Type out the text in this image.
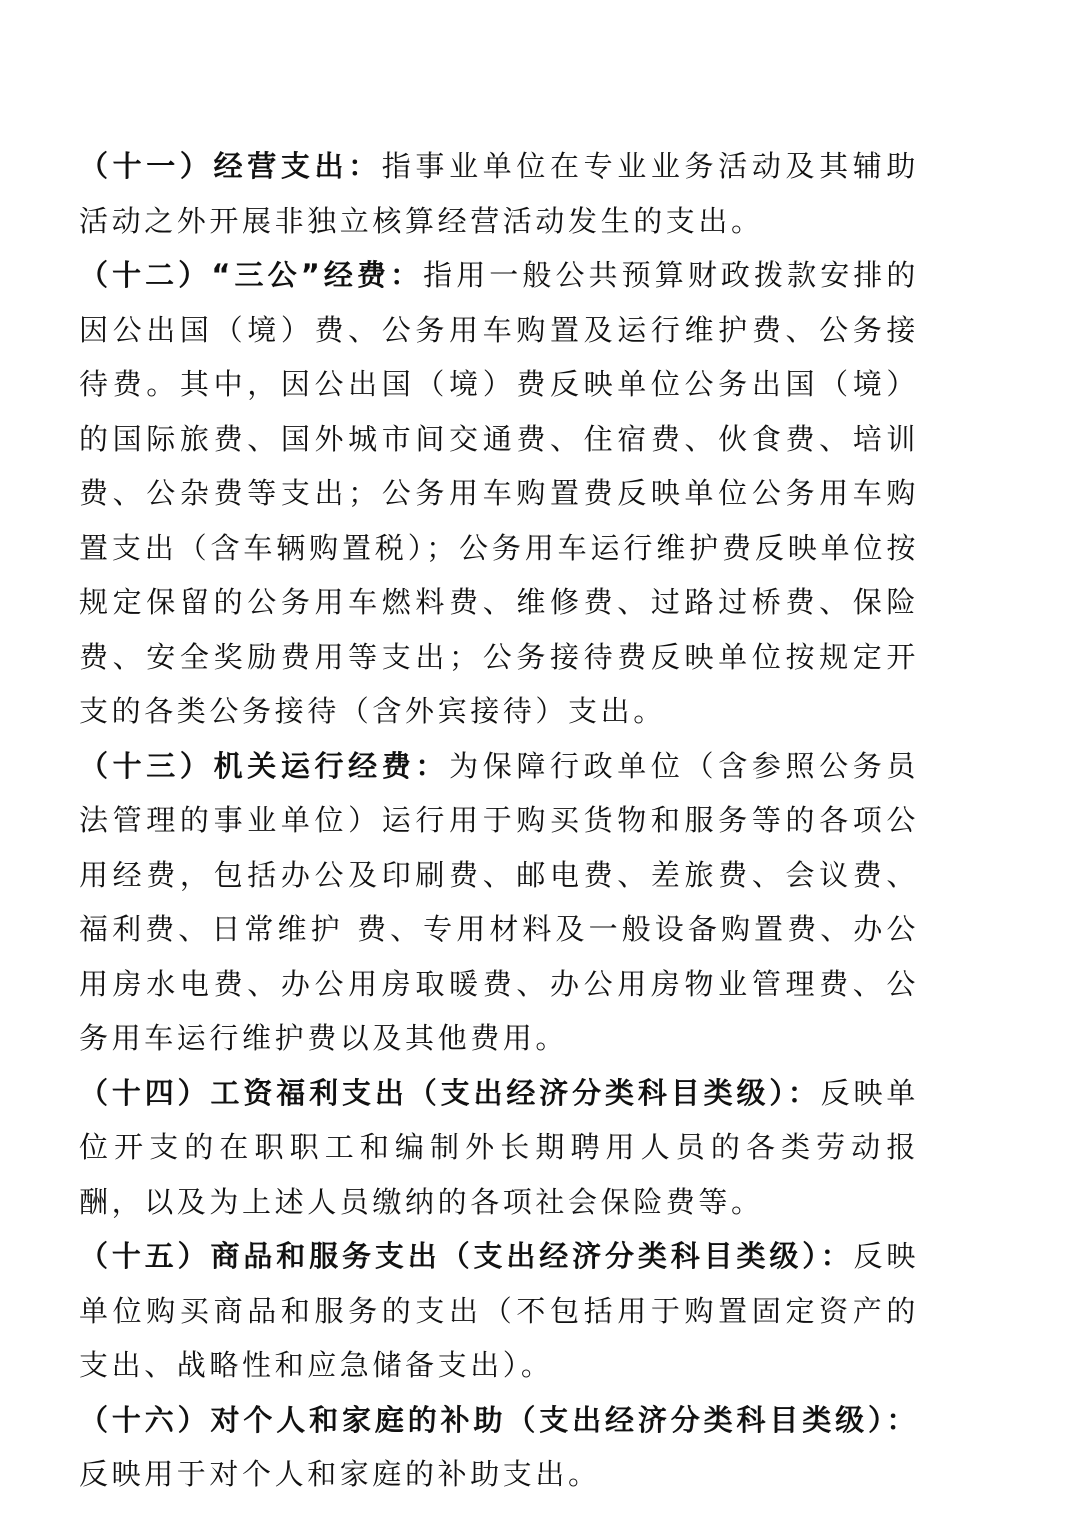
（十一）经营支出：指事业单位在专业业务活动及其辅助活动之外开展非独立核算经营活动发生的支出。

（十二）“三公”经费：指用一般公共预算财政拨款安排的因公出国（境）费、公务用车购置及运行维护费、公务接待费。其中，因公出国（境）费反映单位公务出国（境）的国际旅费、国外城市间交通费、住宿费、伙食费、培训费、公杂费等支出；公务用车购置费反映单位公务用车购置支出（含车辆购置税）；公务用车运行维护费反映单位按规定保留的公务用车燃料费、维修费、过路过桥费、保险费、安全奖励费用等支出；公务接待费反映单位按规定开支的各类公务接待（含外宾接待）支出。

（十三）机关运行经费：为保障行政单位（含参照公务员法管理的事业单位）运行用于购买货物和服务等的各项公用经费，包括办公及印刷费、邮电费、差旅费、会议费、福利费、日常维护 费、专用材料及一般设备购置费、办公用房水电费、办公用房取暖费、办公用房物业管理费、公务用车运行维护费以及其他费用。

（十四）工资福利支出（支出经济分类科目类级）：反映单位开支的在职职工和编制外长期聘用人员的各类劳动报酬，以及为上述人员缴纳的各项社会保险费等。

（十五）商品和服务支出（支出经济分类科目类级）：反映单位购买商品和服务的支出（不包括用于购置固定资产的支出、战略性和应急储备支出）。

（十六）对个人和家庭的补助（支出经济分类科目类级）：反映用于对个人和家庭的补助支出。
